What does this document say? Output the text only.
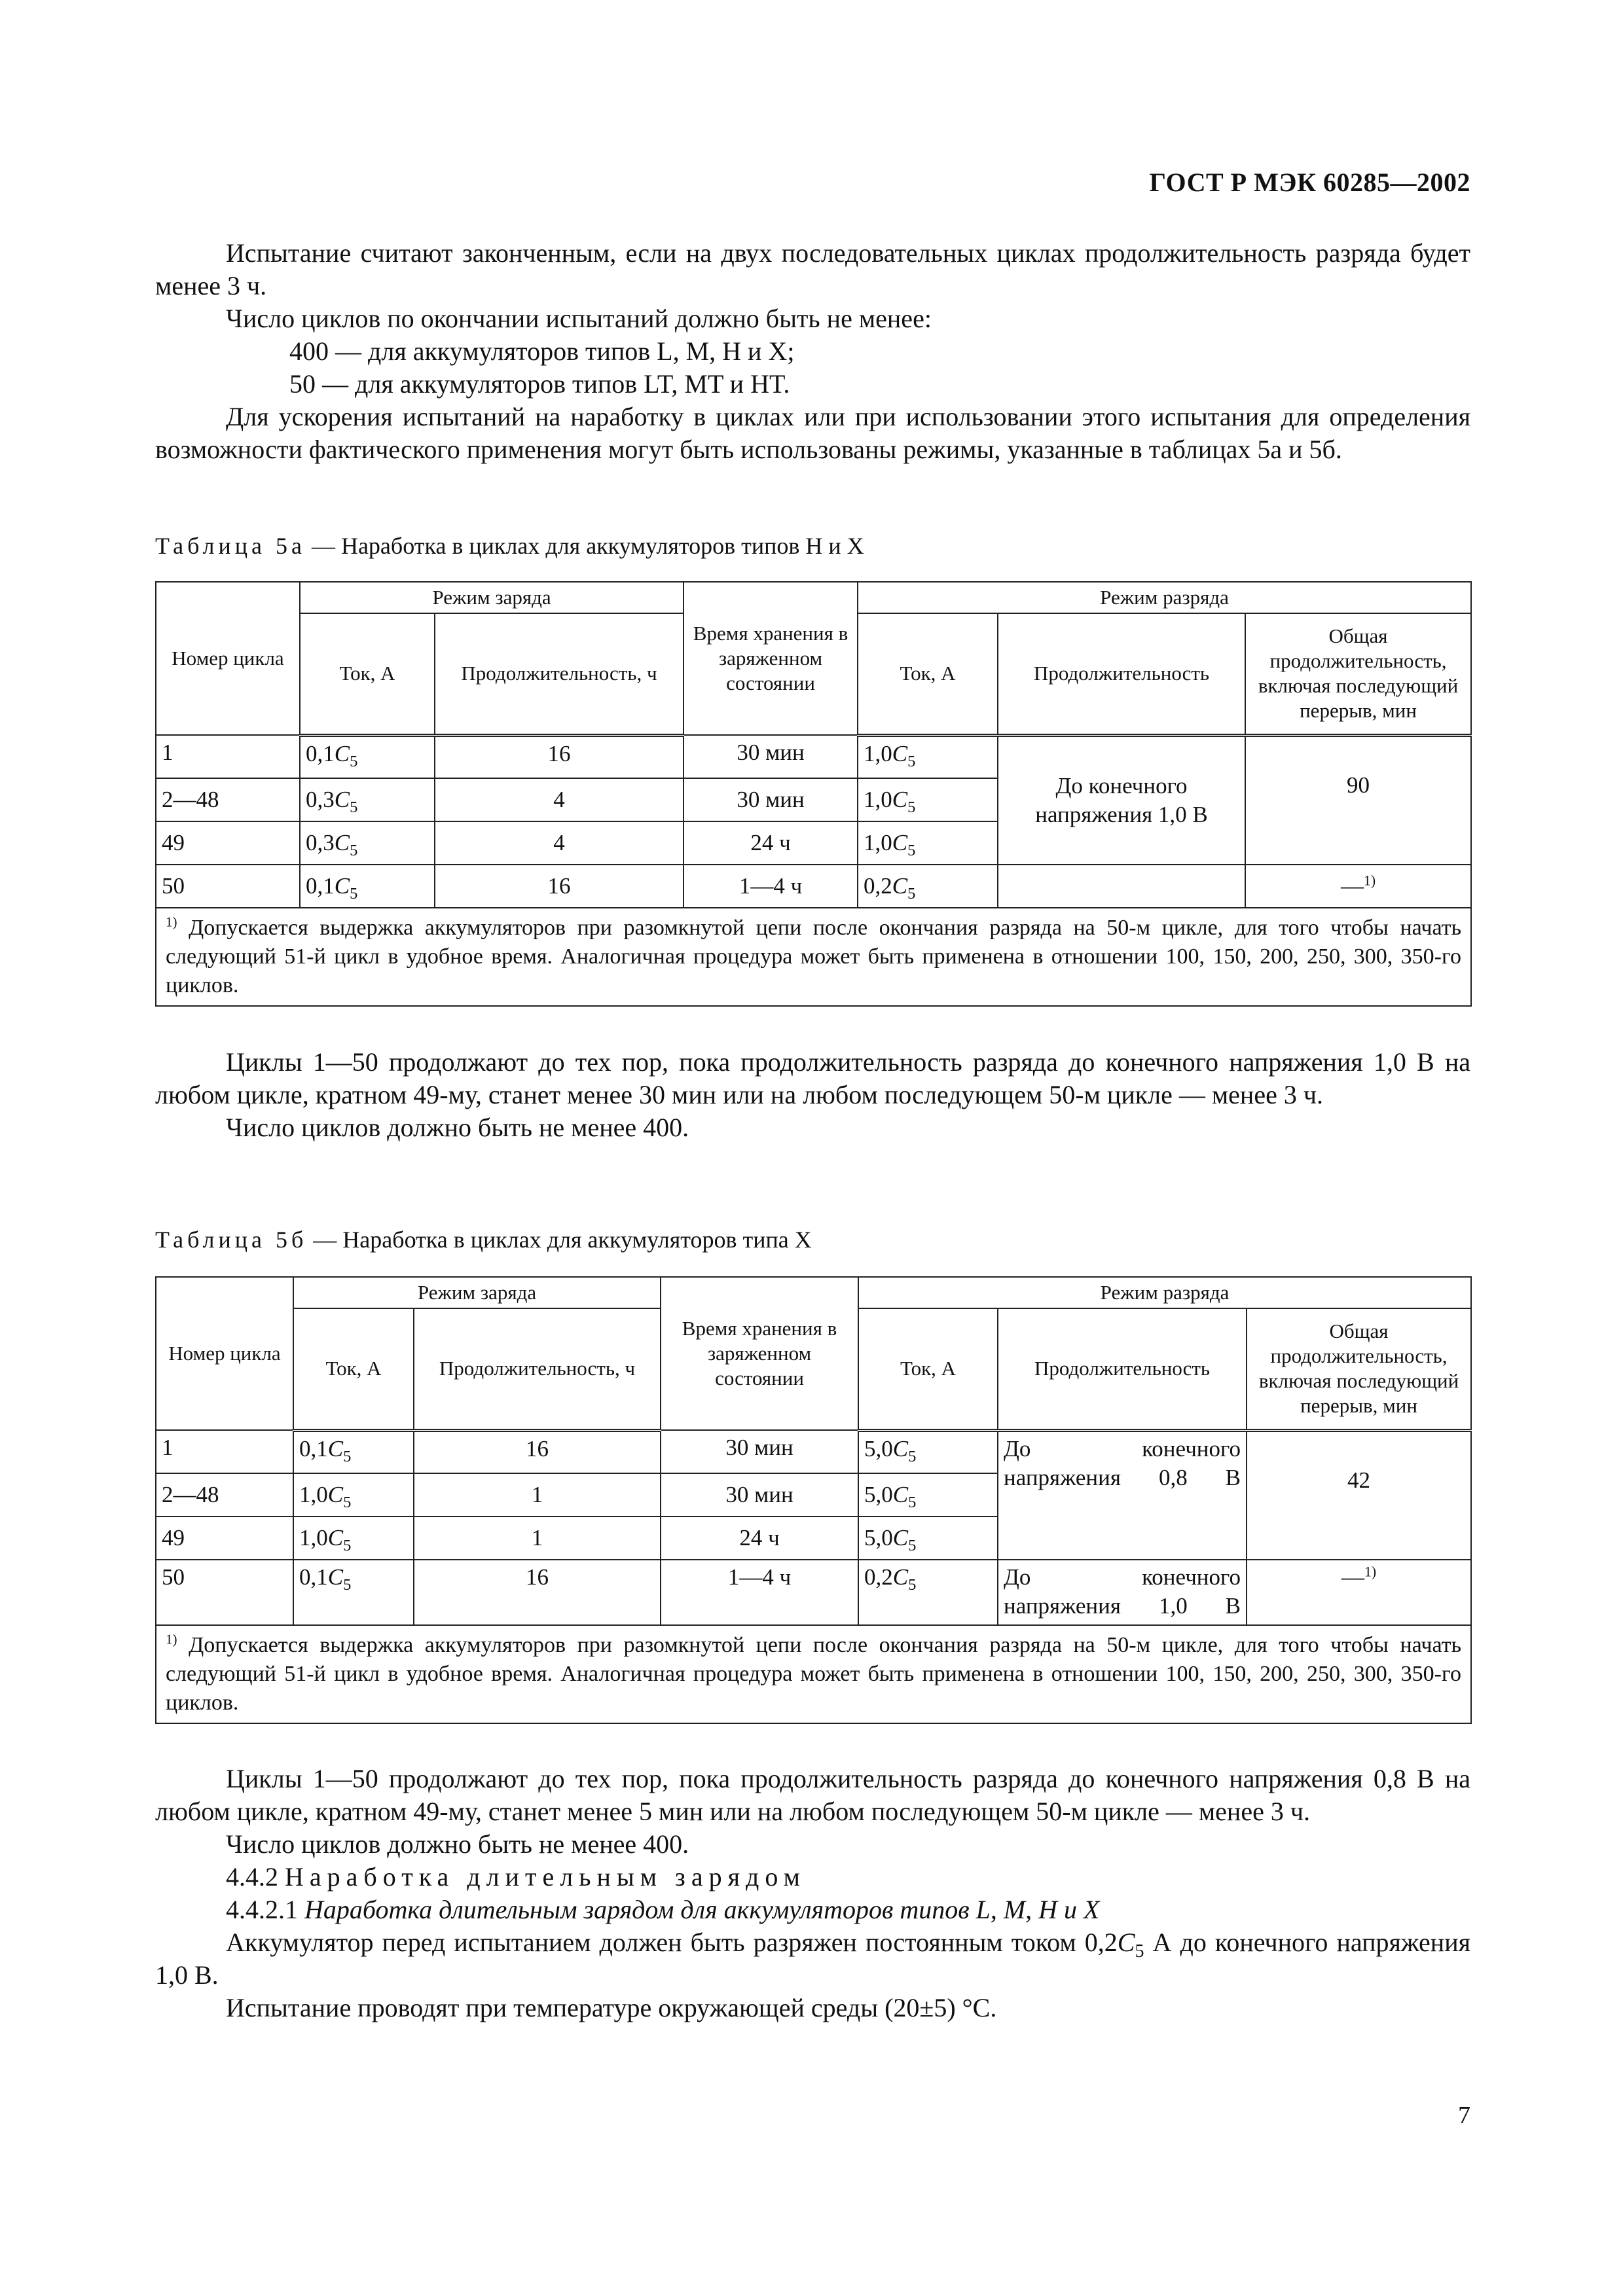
ГОСТ Р МЭК 60285—2002

Испытание считают законченным, если на двух последовательных циклах продолжительность разряда будет менее 3 ч.

Число циклов по окончании испытаний должно быть не менее:

400 — для аккумуляторов типов L, M, H и X;

50 — для аккумуляторов типов LT, MT и HT.

Для ускорения испытаний на наработку в циклах или при использовании этого испытания для определения возможности фактического применения могут быть использованы режимы, указанные в таблицах 5а и 5б.

Таблица 5а — Наработка в циклах для аккумуляторов типов H и X

Номер цикла	Режим заряда		Время хранения в заряженном состоянии	Режим разряда		
	Ток, А	Продолжительность, ч		Ток, А	Продолжительность	Общая продолжительность, включая последующий перерыв, мин
1	$0,1C_5$	16	30 мин	$1,0C_5$	До конечного напряжения 1,0 В	90
2—48	$0,3C_5$	4	30 мин	$1,0C_5$
49	$0,3C_5$	4	24 ч	$1,0C_5$
50	$0,1C_5$	16	1—4 ч	$0,2C_5$		—$^{1)}$
$^{1)}$ Допускается выдержка аккумуляторов при разомкнутой цепи после окончания разряда на 50-м цикле, для того чтобы начать следующий 51-й цикл в удобное время. Аналогичная процедура может быть применена в отношении 100, 150, 200, 250, 300, 350-го циклов.						

Циклы 1—50 продолжают до тех пор, пока продолжительность разряда до конечного напряжения 1,0 В на любом цикле, кратном 49-му, станет менее 30 мин или на любом последующем 50-м цикле — менее 3 ч.

Число циклов должно быть не менее 400.

Таблица 5б — Наработка в циклах для аккумуляторов типа X

Номер цикла	Режим заряда		Время хранения в заряженном состоянии	Режим разряда		
	Ток, А	Продолжительность, ч		Ток, А	Продолжительность	Общая продолжительность, включая последующий перерыв, мин
1	$0,1C_5$	16	30 мин	$5,0C_5$	До конечного напряжения 0,8 В	42
2—48	$1,0C_5$	1	30 мин	$5,0C_5$
49	$1,0C_5$	1	24 ч	$5,0C_5$
50	$0,1C_5$	16	1—4 ч	$0,2C_5$	До конечного напряжения 1,0 В	—$^{1)}$
$^{1)}$ Допускается выдержка аккумуляторов при разомкнутой цепи после окончания разряда на 50-м цикле, для того чтобы начать следующий 51-й цикл в удобное время. Аналогичная процедура может быть применена в отношении 100, 150, 200, 250, 300, 350-го циклов.						

Циклы 1—50 продолжают до тех пор, пока продолжительность разряда до конечного напряжения 0,8 В на любом цикле, кратном 49-му, станет менее 5 мин или на любом последующем 50-м цикле — менее 3 ч.

Число циклов должно быть не менее 400.

4.4.2 Наработка длительным зарядом

4.4.2.1 Наработка длительным зарядом для аккумуляторов типов L, M, H и X

Аккумулятор перед испытанием должен быть разряжен постоянным током $0,2C_5$ А до конечного напряжения 1,0 В.

Испытание проводят при температуре окружающей среды (20±5) °С.

7
